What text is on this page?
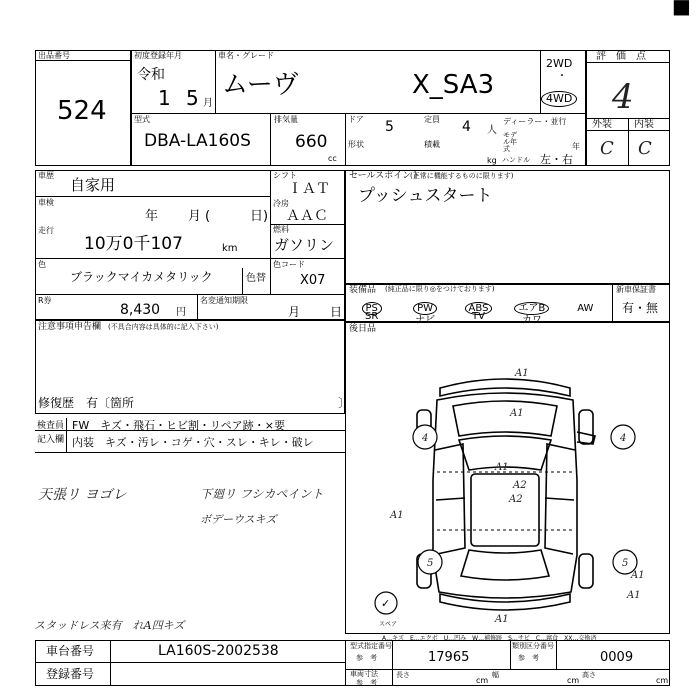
■
出品番号
524
初度登録年月
令和
1 5 月
車名・グレード
ムーヴ	X_SA3
2WD
・
4WD
型式
DBA-LA160S
排気量
660
cc
ドア 5	定員 4 人
ディーラー・並行
形状	積載
モデル年式	年
kg ハンドル 左・右
評　価　点
4
外装 内装
C C
車歴
自家用
車検
年 月 (	日)
走行
10万0千107	km
シフト
ＩＡＴ
冷房
ＡＡＣ
燃料
ガソリン
色
ブラックマイカメタリック	色替
色コード
X07
R券
8,430 円
名変通知期限
月 日
セールスポイント
(正常に機能するものに限ります)
プッシュスタート
装備品 (純正品に限り◎をつけております)
PS
SR
PW
ナビ
ABS
TV
エアB
カワ
AW
新車保証書
有・無
注意事項申告欄 (不具合内容は具体的に記入下さい)
修復歴　有〔箇所	〕
後日品
A1
A1
4	4
A1
A2
A2
A1
5	5
A1
A1
A1
✓
スペア
A…キズ　E…エクボ　U…凹み　W…補修跡　S…サビ　C…腐食　XX…交換済
検査員
記入欄
FW　キズ・飛石・ヒビ割・リペア跡・×要
内装　キズ・汚レ・コゲ・穴・スレ・キレ・破レ
天張リ ヨゴレ	下廻リ フシカペイント
ボデーウスキズ
スタッドレス来有　れA四キズ
車台番号	LA160S-2002538
登録番号
型式指定番号
参　考	17965
類別区分番号
参　考	0009
車両寸法
参　考
長さ
cm
幅
cm
高さ
cm
